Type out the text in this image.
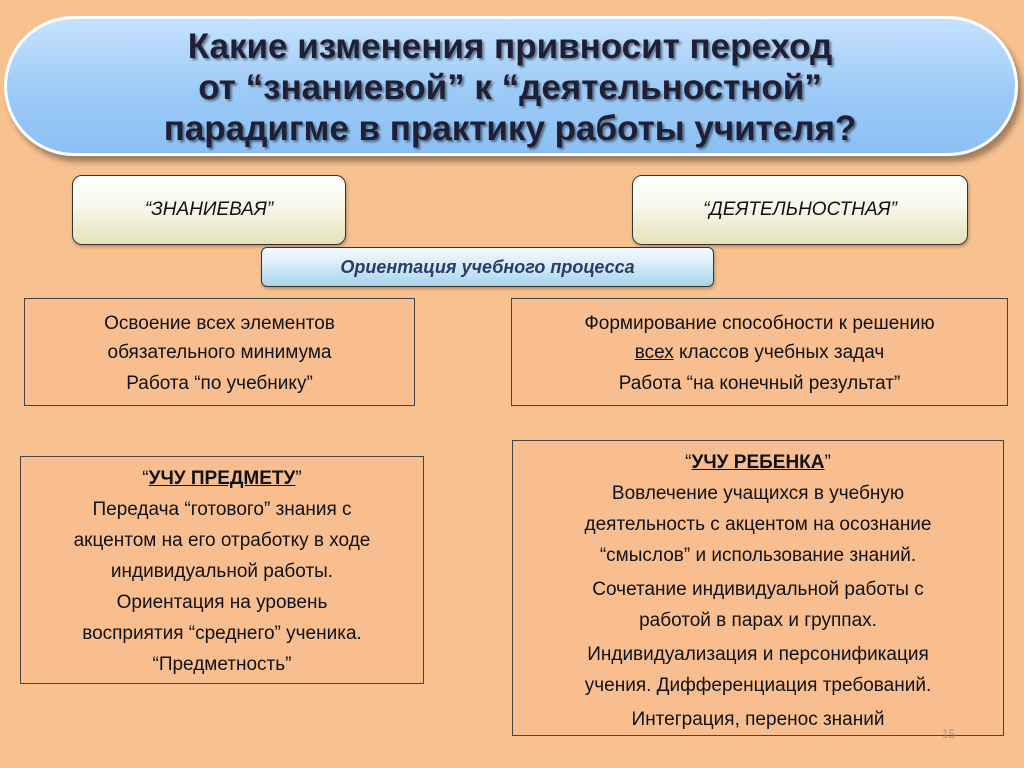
Какие изменения привносит переход
от “знаниевой” к “деятельностной”
парадигме в практику работы учителя?
“ЗНАНИЕВАЯ”	“ДЕЯТЕЛЬНОСТНАЯ”
Ориентация учебного процесса

Освоение всех элементов

обязательного минимума

Работа “по учебнику”

Формирование способности к решению

всех классов учебных задач

Работа “на конечный результат”

“УЧУ ПРЕДМЕТУ”

Передача “готового” знания с

акцентом на его отработку в ходе

индивидуальной работы.

Ориентация на уровень

восприятия “среднего” ученика.

“Предметность”

“УЧУ РЕБЕНКА”

Вовлечение учащихся в учебную

деятельность с акцентом на осознание

“смыслов” и использование знаний.

Сочетание индивидуальной работы с

работой в парах и группах.

Индивидуализация и персонификация

учения. Дифференциация требований.

Интеграция, перенос знаний

15
